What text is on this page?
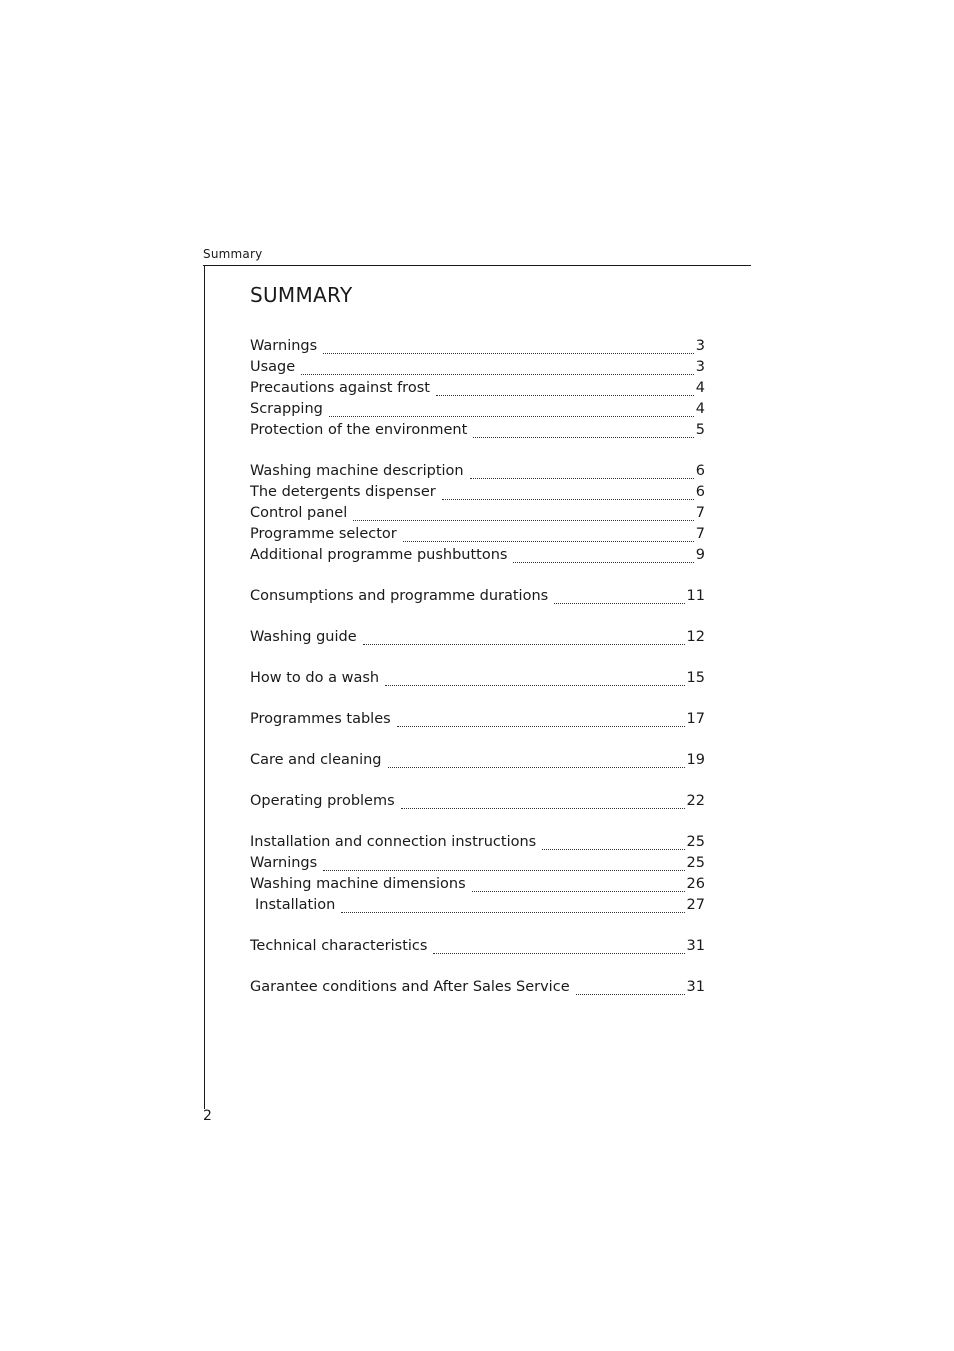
Summary
SUMMARY
Warnings	3
Usage	3
Precautions against frost	4
Scrapping	4
Protection of the environment	5
Washing machine description	6
The detergents dispenser	6
Control panel	7
Programme selector	7
Additional programme pushbuttons	9
Consumptions and programme durations	11
Washing guide	12
How to do a wash	15
Programmes tables	17
Care and cleaning	19
Operating problems	22
Installation and connection instructions	25
Warnings	25
Washing machine dimensions	26
Installation	27
Technical characteristics	31
Garantee conditions and After Sales Service	31
2
